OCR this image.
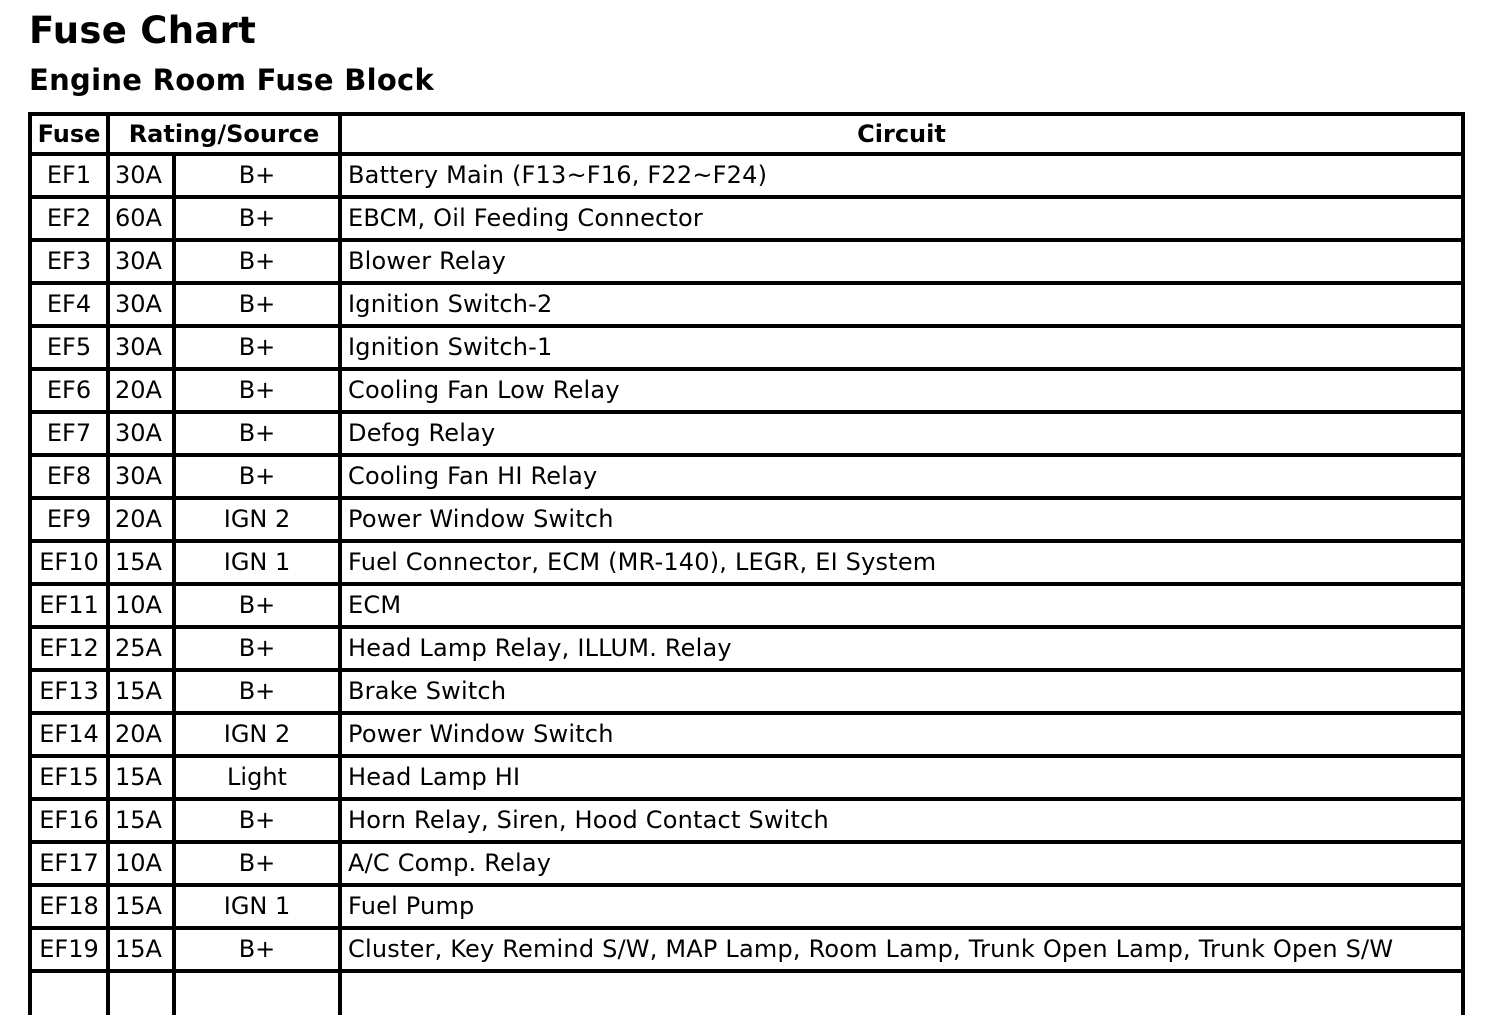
Fuse Chart
Engine Room Fuse Block
Fuse	Rating/Source		Circuit
EF1	30A	B+	Battery Main (F13~F16, F22~F24)
EF2	60A	B+	EBCM, Oil Feeding Connector
EF3	30A	B+	Blower Relay
EF4	30A	B+	Ignition Switch-2
EF5	30A	B+	Ignition Switch-1
EF6	20A	B+	Cooling Fan Low Relay
EF7	30A	B+	Defog Relay
EF8	30A	B+	Cooling Fan HI Relay
EF9	20A	IGN 2	Power Window Switch
EF10	15A	IGN 1	Fuel Connector, ECM (MR-140), LEGR, EI System
EF11	10A	B+	ECM
EF12	25A	B+	Head Lamp Relay, ILLUM. Relay
EF13	15A	B+	Brake Switch
EF14	20A	IGN 2	Power Window Switch
EF15	15A	Light	Head Lamp HI
EF16	15A	B+	Horn Relay, Siren, Hood Contact Switch
EF17	10A	B+	A/C Comp. Relay
EF18	15A	IGN 1	Fuel Pump
EF19	15A	B+	Cluster, Key Remind S/W, MAP Lamp, Room Lamp, Trunk Open Lamp, Trunk Open S/W
